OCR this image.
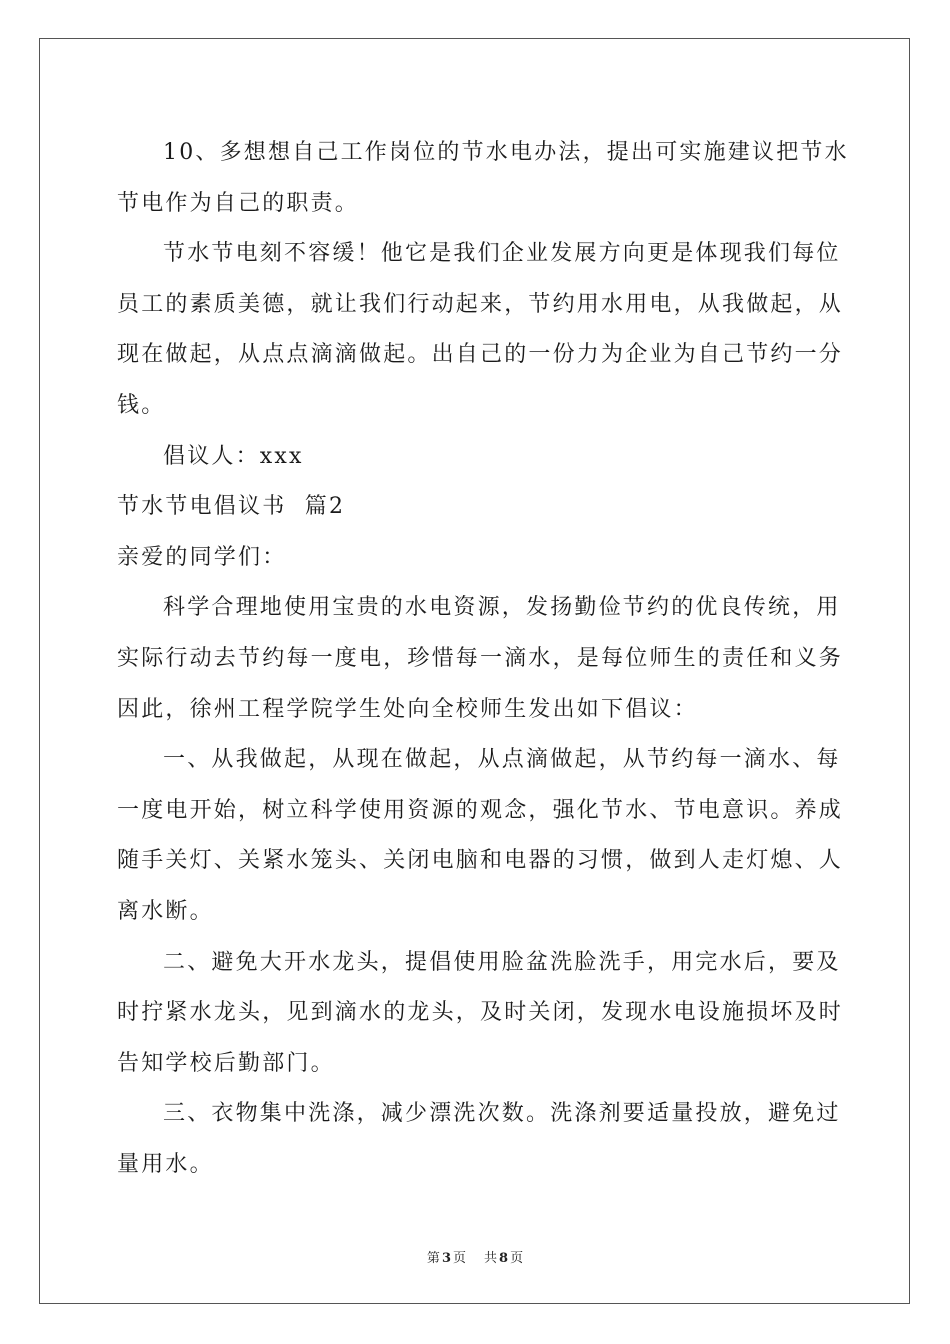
10、多想想自己工作岗位的节水电办法，提出可实施建议把节水
节电作为自己的职责。
节水节电刻不容缓！他它是我们企业发展方向更是体现我们每位
员工的素质美德，就让我们行动起来，节约用水用电，从我做起，从
现在做起，从点点滴滴做起。出自己的一份力为企业为自己节约一分
钱。
倡议人：xxx
节水节电倡议书  篇2
亲爱的同学们：
科学合理地使用宝贵的水电资源，发扬勤俭节约的优良传统，用
实际行动去节约每一度电，珍惜每一滴水，是每位师生的责任和义务
因此，徐州工程学院学生处向全校师生发出如下倡议：
一、从我做起，从现在做起，从点滴做起，从节约每一滴水、每
一度电开始，树立科学使用资源的观念，强化节水、节电意识。养成
随手关灯、关紧水笼头、关闭电脑和电器的习惯，做到人走灯熄、人
离水断。
二、避免大开水龙头，提倡使用脸盆洗脸洗手，用完水后，要及
时拧紧水龙头，见到滴水的龙头，及时关闭，发现水电设施损坏及时
告知学校后勤部门。
三、衣物集中洗涤，减少漂洗次数。洗涤剂要适量投放，避免过
量用水。
第 3 页 共 8 页
